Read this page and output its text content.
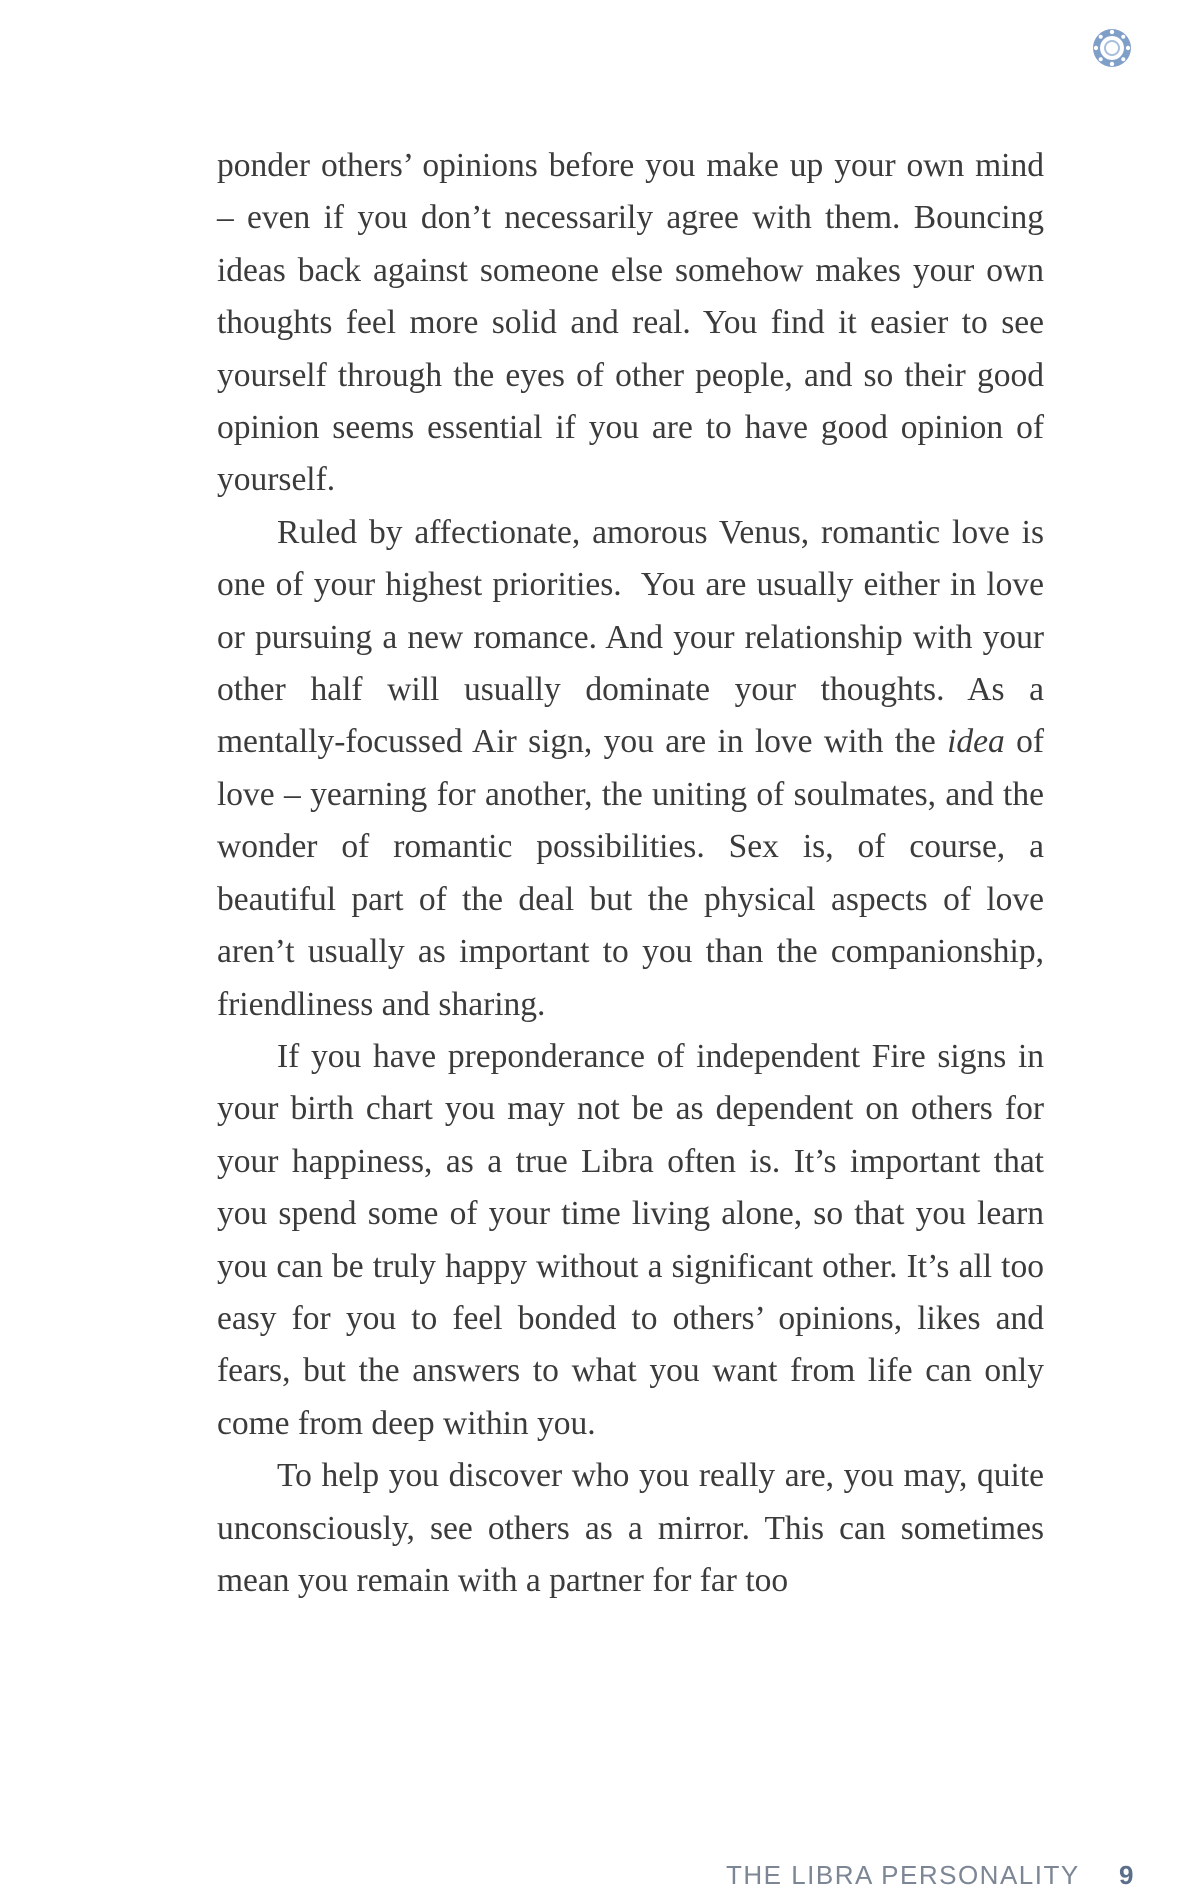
ponder others’ opinions before you make up your own mind – even if you don’t necessarily agree with them. Bouncing ideas back against someone else somehow makes your own thoughts feel more solid and real. You find it easier to see yourself through the eyes of other people, and so their good opinion seems essential if you are to have good opinion of yourself.

Ruled by affectionate, amorous Venus, romantic love is one of your highest priorities.  You are usually either in love or pursuing a new romance. And your relationship with your other half will usually dominate your thoughts. As a mentally-focussed Air sign, you are in love with the idea of love – yearning for another, the uniting of soulmates, and the wonder of romantic possibilities. Sex is, of course, a beautiful part of the deal but the physical aspects of love aren’t usually as important to you than the companionship, friendliness and sharing.

If you have preponderance of independent Fire signs in your birth chart you may not be as dependent on others for your happiness, as a true Libra often is. It’s important that you spend some of your time living alone, so that you learn you can be truly happy without a significant other. It’s all too easy for you to feel bonded to others’ opinions, likes and fears, but the answers to what you want from life can only come from deep within you.

To help you discover who you really are, you may, quite unconsciously, see others as a mirror. This can sometimes mean you remain with a partner for far too

THE LIBRA PERSONALITY 9
